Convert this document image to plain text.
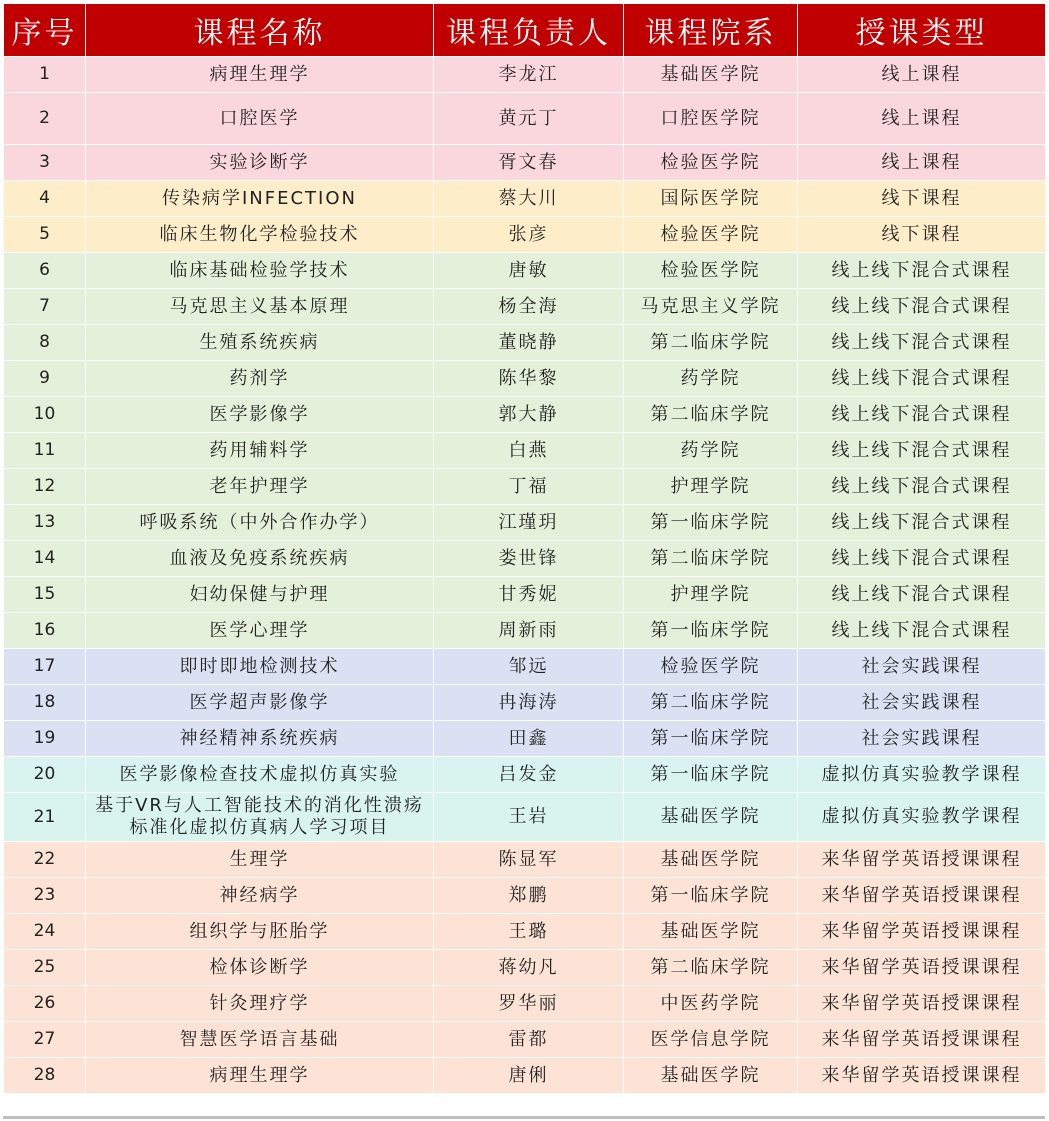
序号	课程名称	课程负责人	课程院系	授课类型
1	病理生理学	李龙江	基础医学院	线上课程
2	口腔医学	黄元丁	口腔医学院	线上课程
3	实验诊断学	胥文春	检验医学院	线上课程
4	传染病学INFECTION	蔡大川	国际医学院	线下课程
5	临床生物化学检验技术	张彦	检验医学院	线下课程
6	临床基础检验学技术	唐敏	检验医学院	线上线下混合式课程
7	马克思主义基本原理	杨全海	马克思主义学院	线上线下混合式课程
8	生殖系统疾病	董晓静	第二临床学院	线上线下混合式课程
9	药剂学	陈华黎	药学院	线上线下混合式课程
10	医学影像学	郭大静	第二临床学院	线上线下混合式课程
11	药用辅料学	白燕	药学院	线上线下混合式课程
12	老年护理学	丁福	护理学院	线上线下混合式课程
13	呼吸系统（中外合作办学）	江瑾玥	第一临床学院	线上线下混合式课程
14	血液及免疫系统疾病	娄世锋	第二临床学院	线上线下混合式课程
15	妇幼保健与护理	甘秀妮	护理学院	线上线下混合式课程
16	医学心理学	周新雨	第一临床学院	线上线下混合式课程
17	即时即地检测技术	邹远	检验医学院	社会实践课程
18	医学超声影像学	冉海涛	第二临床学院	社会实践课程
19	神经精神系统疾病	田鑫	第一临床学院	社会实践课程
20	医学影像检查技术虚拟仿真实验	吕发金	第一临床学院	虚拟仿真实验教学课程
21	基于VR与人工智能技术的消化性溃疡标准化虚拟仿真病人学习项目	王岩	基础医学院	虚拟仿真实验教学课程
22	生理学	陈显军	基础医学院	来华留学英语授课课程
23	神经病学	郑鹏	第一临床学院	来华留学英语授课课程
24	组织学与胚胎学	王璐	基础医学院	来华留学英语授课课程
25	检体诊断学	蒋幼凡	第二临床学院	来华留学英语授课课程
26	针灸理疗学	罗华丽	中医药学院	来华留学英语授课课程
27	智慧医学语言基础	雷都	医学信息学院	来华留学英语授课课程
28	病理生理学	唐俐	基础医学院	来华留学英语授课课程
